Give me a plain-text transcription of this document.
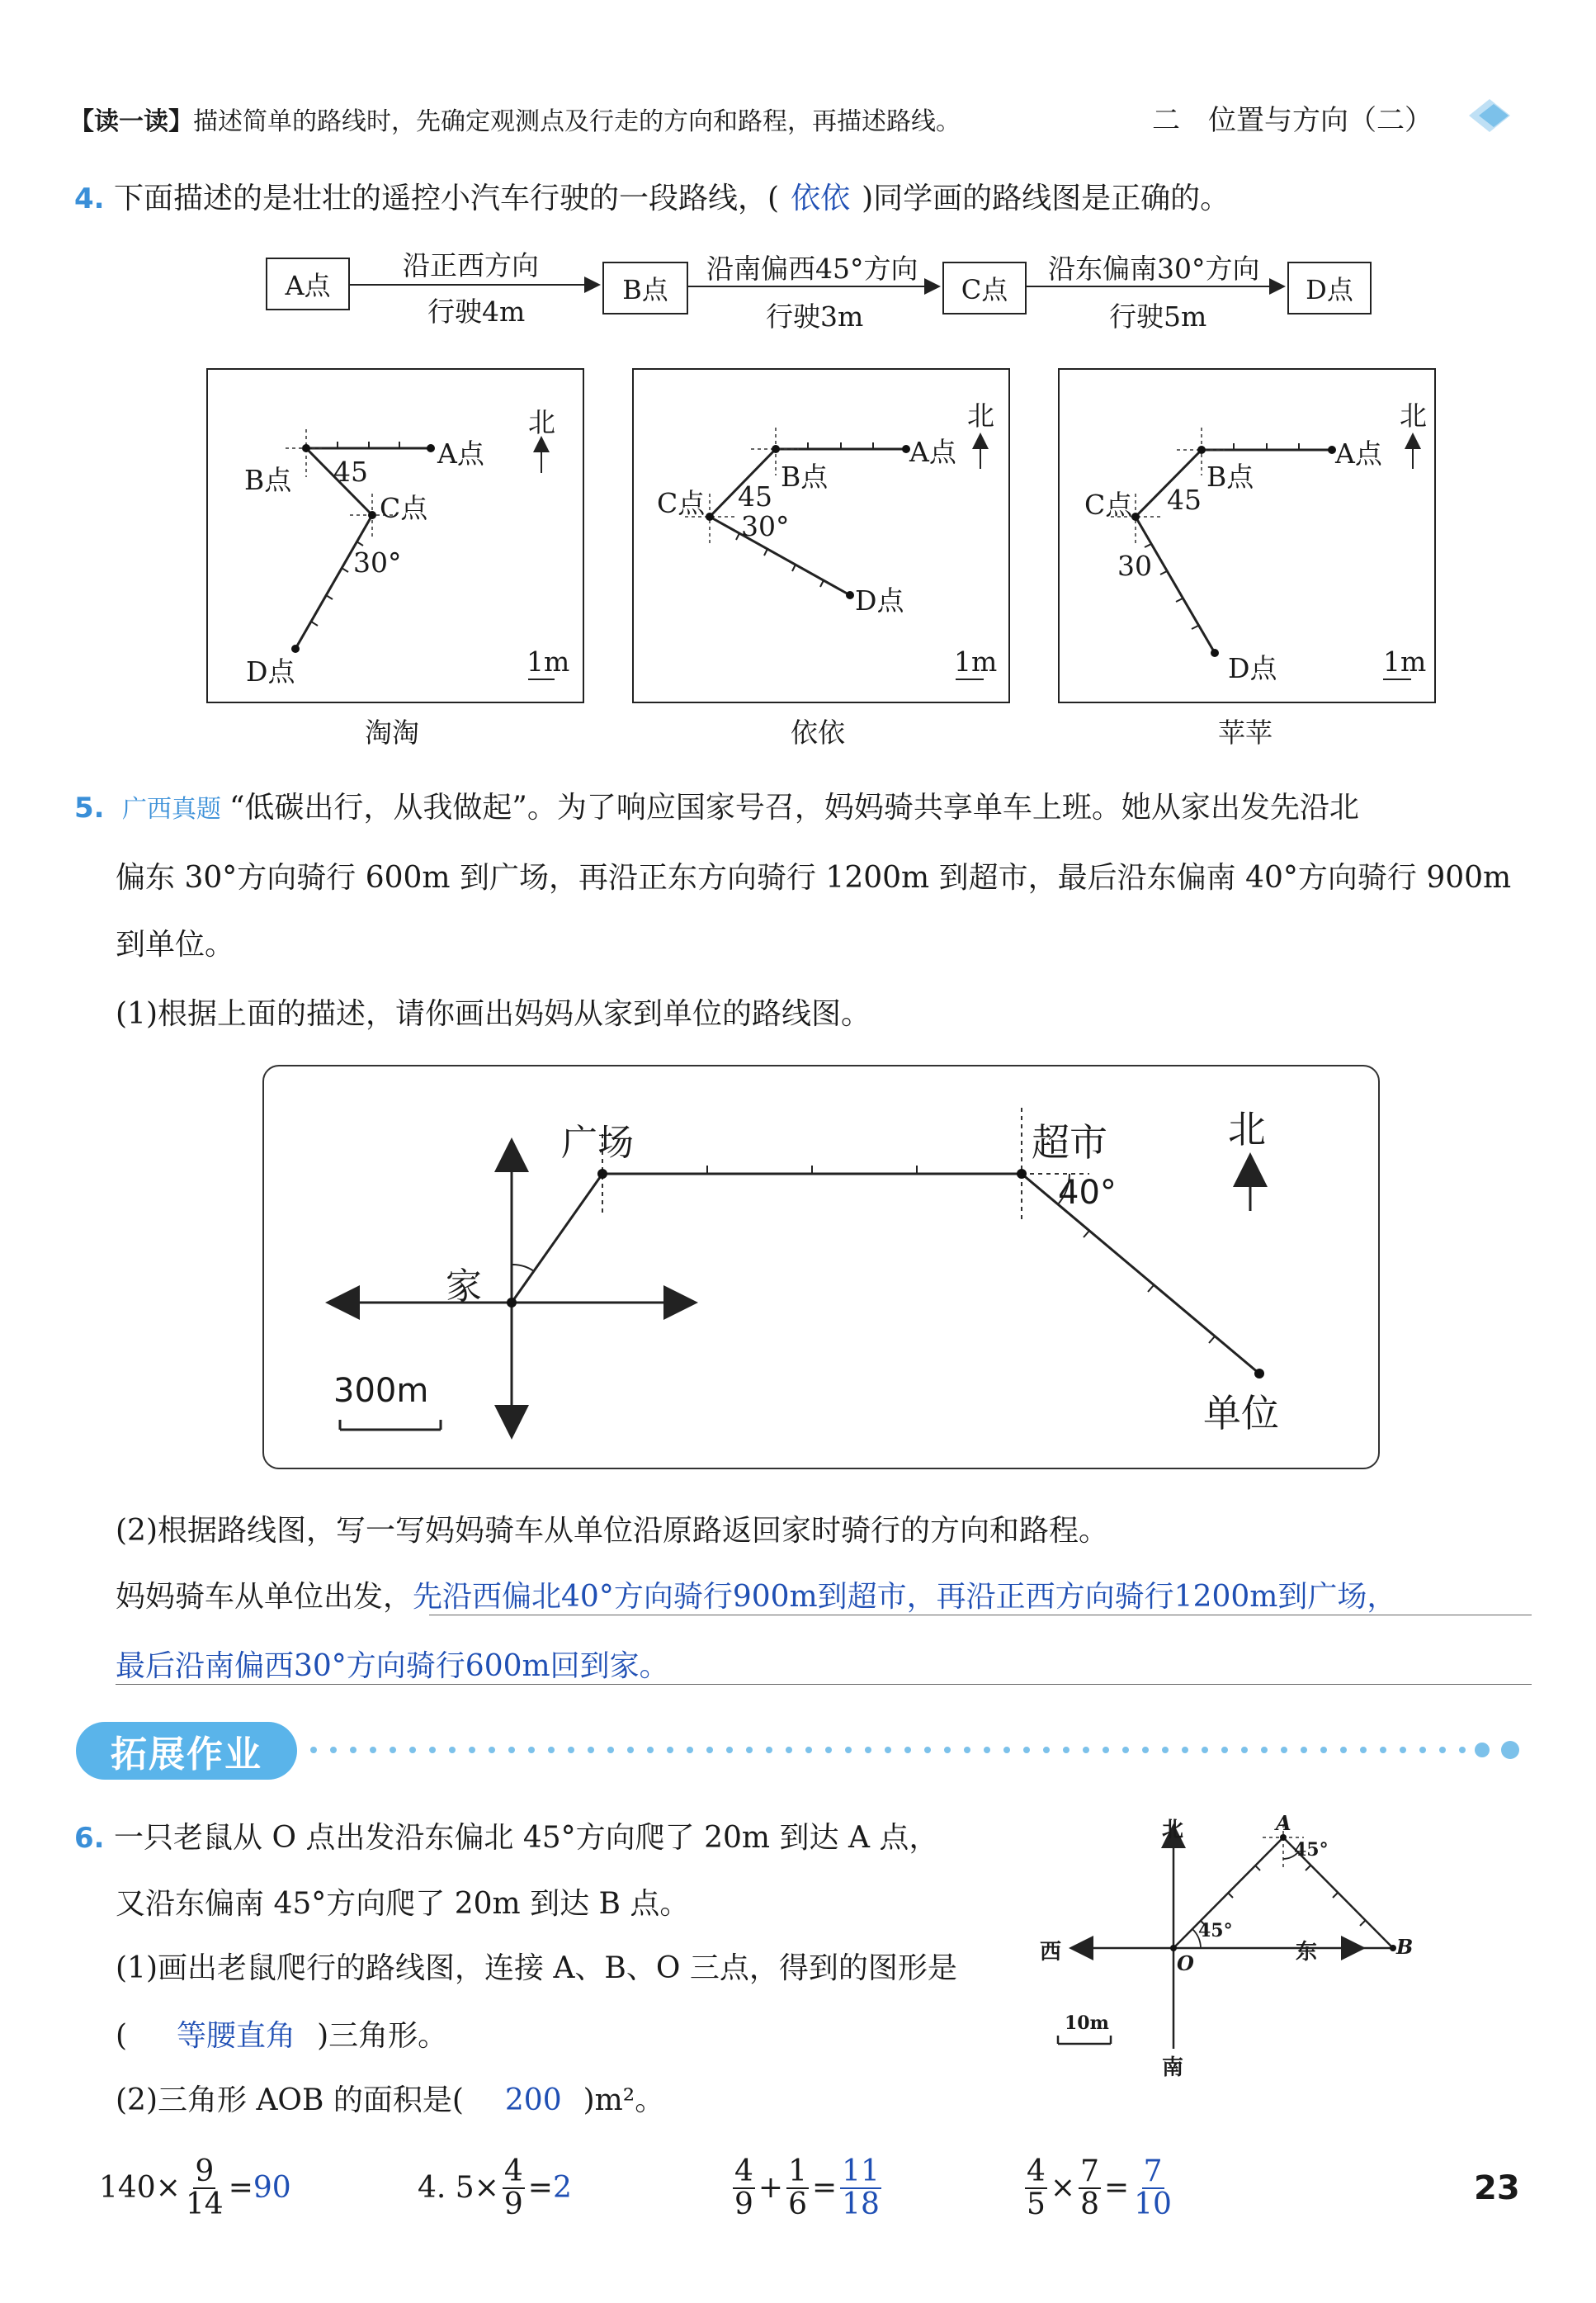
【读一读】描述简单的路线时，先确定观测点及行走的方向和路程，再描述路线。	二　位置与方向（二）
4. 下面描述的是壮壮的遥控小汽车行驶的一段路线，( 依依 )同学画的路线图是正确的。
A点	B点	C点	D点
沿正西方向
行驶4m
沿南偏西45°方向
行驶3m
沿东偏南30°方向
行驶5m
A点
B点
C点
D点
45
30°
北
1m
淘淘
A点
B点
C点
D点
45
30°
北
1m
依依
A点
B点
C点
D点
45
30
北
1m
苹苹
5. 广西真题 “低碳出行，从我做起”。为了响应国家号召，妈妈骑共享单车上班。她从家出发先沿北
偏东 30°方向骑行 600m 到广场，再沿正东方向骑行 1200m 到超市，最后沿东偏南 40°方向骑行 900m
到单位。
(1)根据上面的描述，请你画出妈妈从家到单位的路线图。
广场	超市	北
家
单位
40°
300m
(2)根据路线图，写一写妈妈骑车从单位沿原路返回家时骑行的方向和路程。
妈妈骑车从单位出发，先沿西偏北40°方向骑行900m到超市，再沿正西方向骑行1200m到广场，
最后沿南偏西30°方向骑行600m回到家。
拓展作业
6. 一只老鼠从 O 点出发沿东偏北 45°方向爬了 20m 到达 A 点，
又沿东偏南 45°方向爬了 20m 到达 B 点。
(1)画出老鼠爬行的路线图，连接 A、B、O 三点，得到的图形是
( 等腰直角 )三角形。
(2)三角形 AOB 的面积是( 200 )m²。
北
南
西	东
O
A
B
45°
45°
10m
$140\times \frac{9}{14} = 90$	4. $5\times \frac{4}{9} = 2$	$\frac{4}{9} + \frac{1}{6} = \frac{11}{18}$	$\frac{4}{5} \times \frac{7}{8} = \frac{7}{10}$	23
